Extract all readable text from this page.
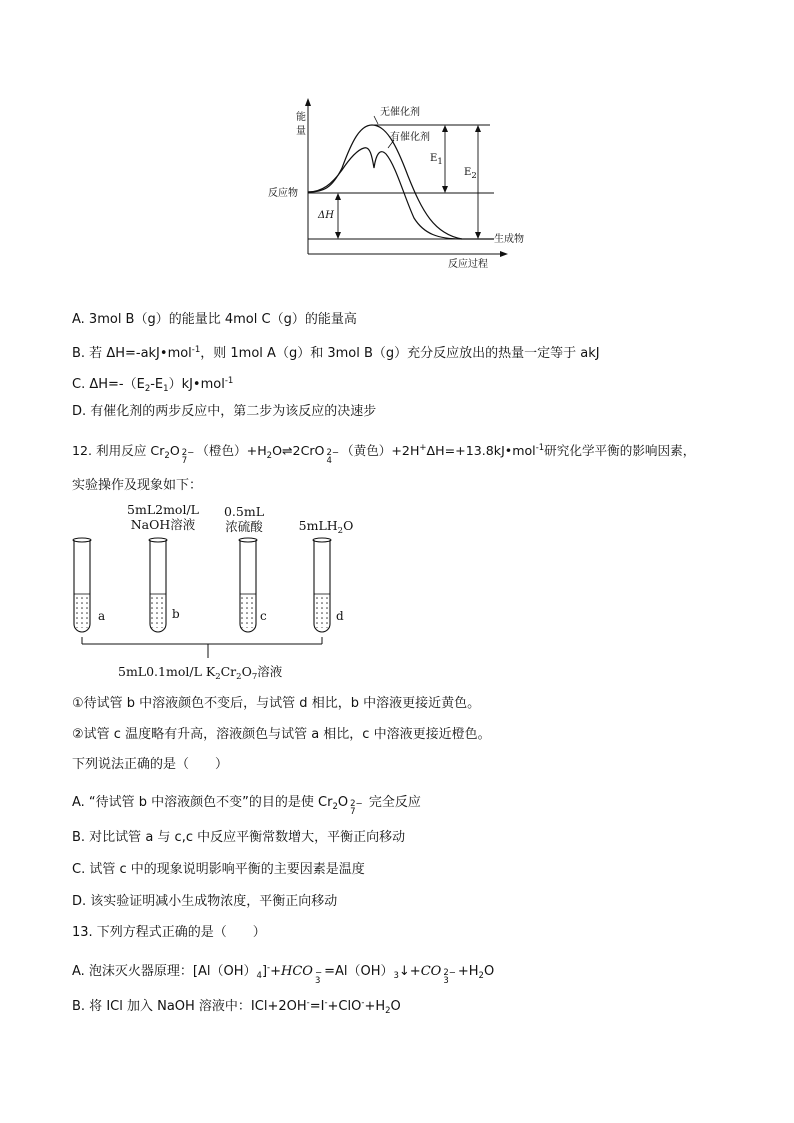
能
量
无催化剂
有催化剂
反应物
生成物
反应过程
$E_1$
$E_2$
ΔH
A. 3mol B（g）的能量比 4mol C（g）的能量高
B. 若 ΔH=-akJ•mol$^{-1}$，则 1mol A（g）和 3mol B（g）充分反应放出的热量一定等于 akJ
C. $\Delta H=-(E_2-E_1)kJ•mol^{-1}$
D. 有催化剂的两步反应中，第二步为该反应的决速步
12. 利用反应 $Cr_2O$ 2−
7
（橙色）$+H_2O\rightleftharpoons 2CrO$ 2−
4
（黄色）+2H+ΔH=+13.8kJ•mol$^{-1}$研究化学平衡的影响因素，
实验操作及现象如下：
5mL2mol/L
NaOH溶液
0.5mL
浓硫酸	5mLH$_2$O
a	b	c	d
5mL0.1mol/L $K_2Cr_2O_7$溶液
①待试管 b 中溶液颜色不变后，与试管 d 相比，b 中溶液更接近黄色。
②试管 c 温度略有升高，溶液颜色与试管 a 相比，c 中溶液更接近橙色。
下列说法正确的是（　　）
A. “待试管 b 中溶液颜色不变”的目的是使 $Cr_2O$ 2−
7
完全反应
B. 对比试管 a 与 c,c 中反应平衡常数增大，平衡正向移动
C. 试管 c 中的现象说明影响平衡的主要因素是温度
D. 该实验证明减小生成物浓度，平衡正向移动
13. 下列方程式正确的是（　　）
A. 泡沫灭火器原理：$[Al(OH)_4]^-+HCO$ −
3
$=Al(OH)_3↓+CO$ 2−
3
$+H_2O$
B. 将 ICl 加入 NaOH 溶液中：$ICl+2OH^-=I^-+ClO^-+H_2O$
